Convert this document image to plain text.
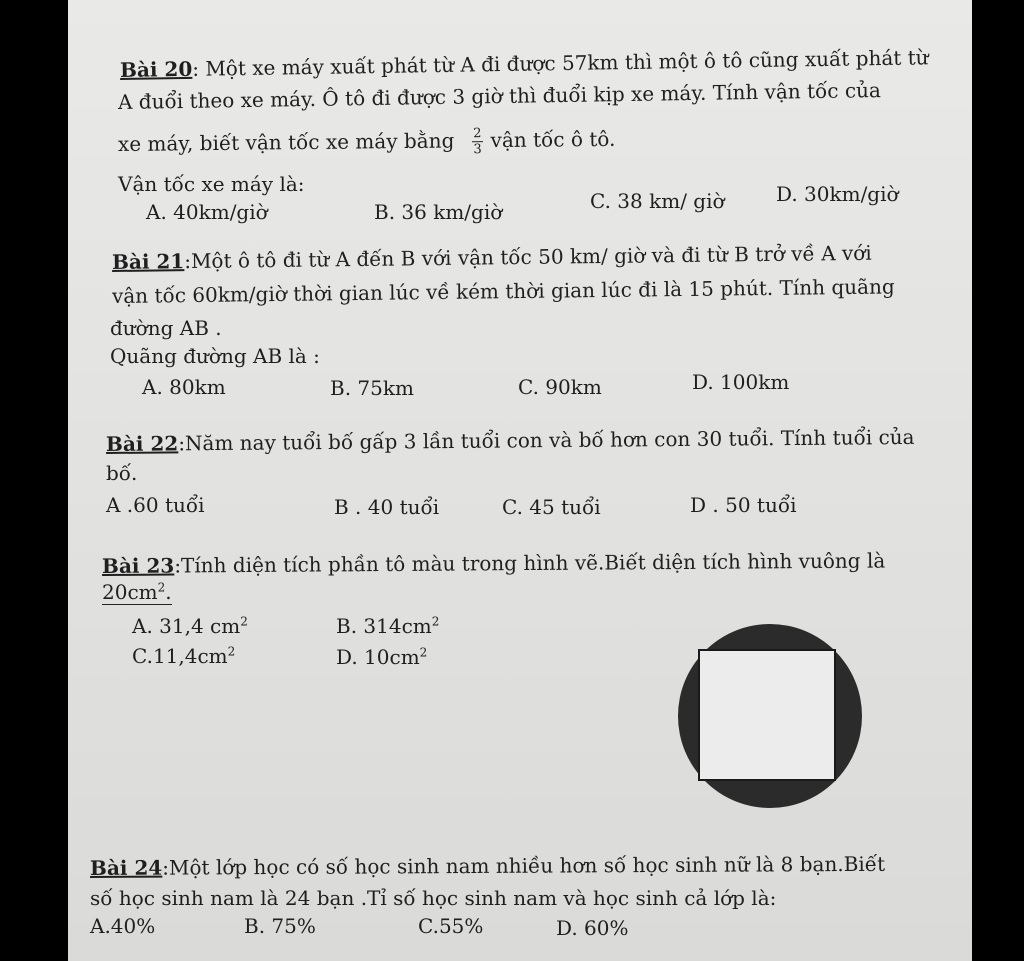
Bài 20: Một xe máy xuất phát từ A đi được 57km thì một ô tô cũng xuất phát từ
A đuổi theo xe máy. Ô tô đi được 3 giờ thì đuổi kịp xe máy. Tính vận tốc của
xe máy, biết vận tốc xe máy bằng $\frac{2}{3}$ vận tốc ô tô.
Vận tốc xe máy là:
A. 40km/giờ	B. 36 km/giờ	C. 38 km/ giờ	D. 30km/giờ
Bài 21:Một ô tô đi từ A đến B với vận tốc 50 km/ giờ và đi từ B trở về A với
vận tốc 60km/giờ thời gian lúc về kém thời gian lúc đi là 15 phút. Tính quãng
đường AB .
Quãng đường AB là :
A. 80km	B. 75km	C. 90km	D. 100km
Bài 22:Năm nay tuổi bố gấp 3 lần tuổi con và bố hơn con 30 tuổi. Tính tuổi của
bố.
A .60 tuổi	B . 40 tuổi	C. 45 tuổi	D . 50 tuổi
Bài 23:Tính diện tích phần tô màu trong hình vẽ.Biết diện tích hình vuông là
$20cm^2$.
A. 31,4 $cm^2$	B. $314cm^2$
$C.11,4cm^2$	D. $10cm^2$
Bài 24:Một lớp học có số học sinh nam nhiều hơn số học sinh nữ là 8 bạn.Biết
số học sinh nam là 24 bạn .Tỉ số học sinh nam và học sinh cả lớp là:
A.40%	B. 75%	C.55%	D. 60%
